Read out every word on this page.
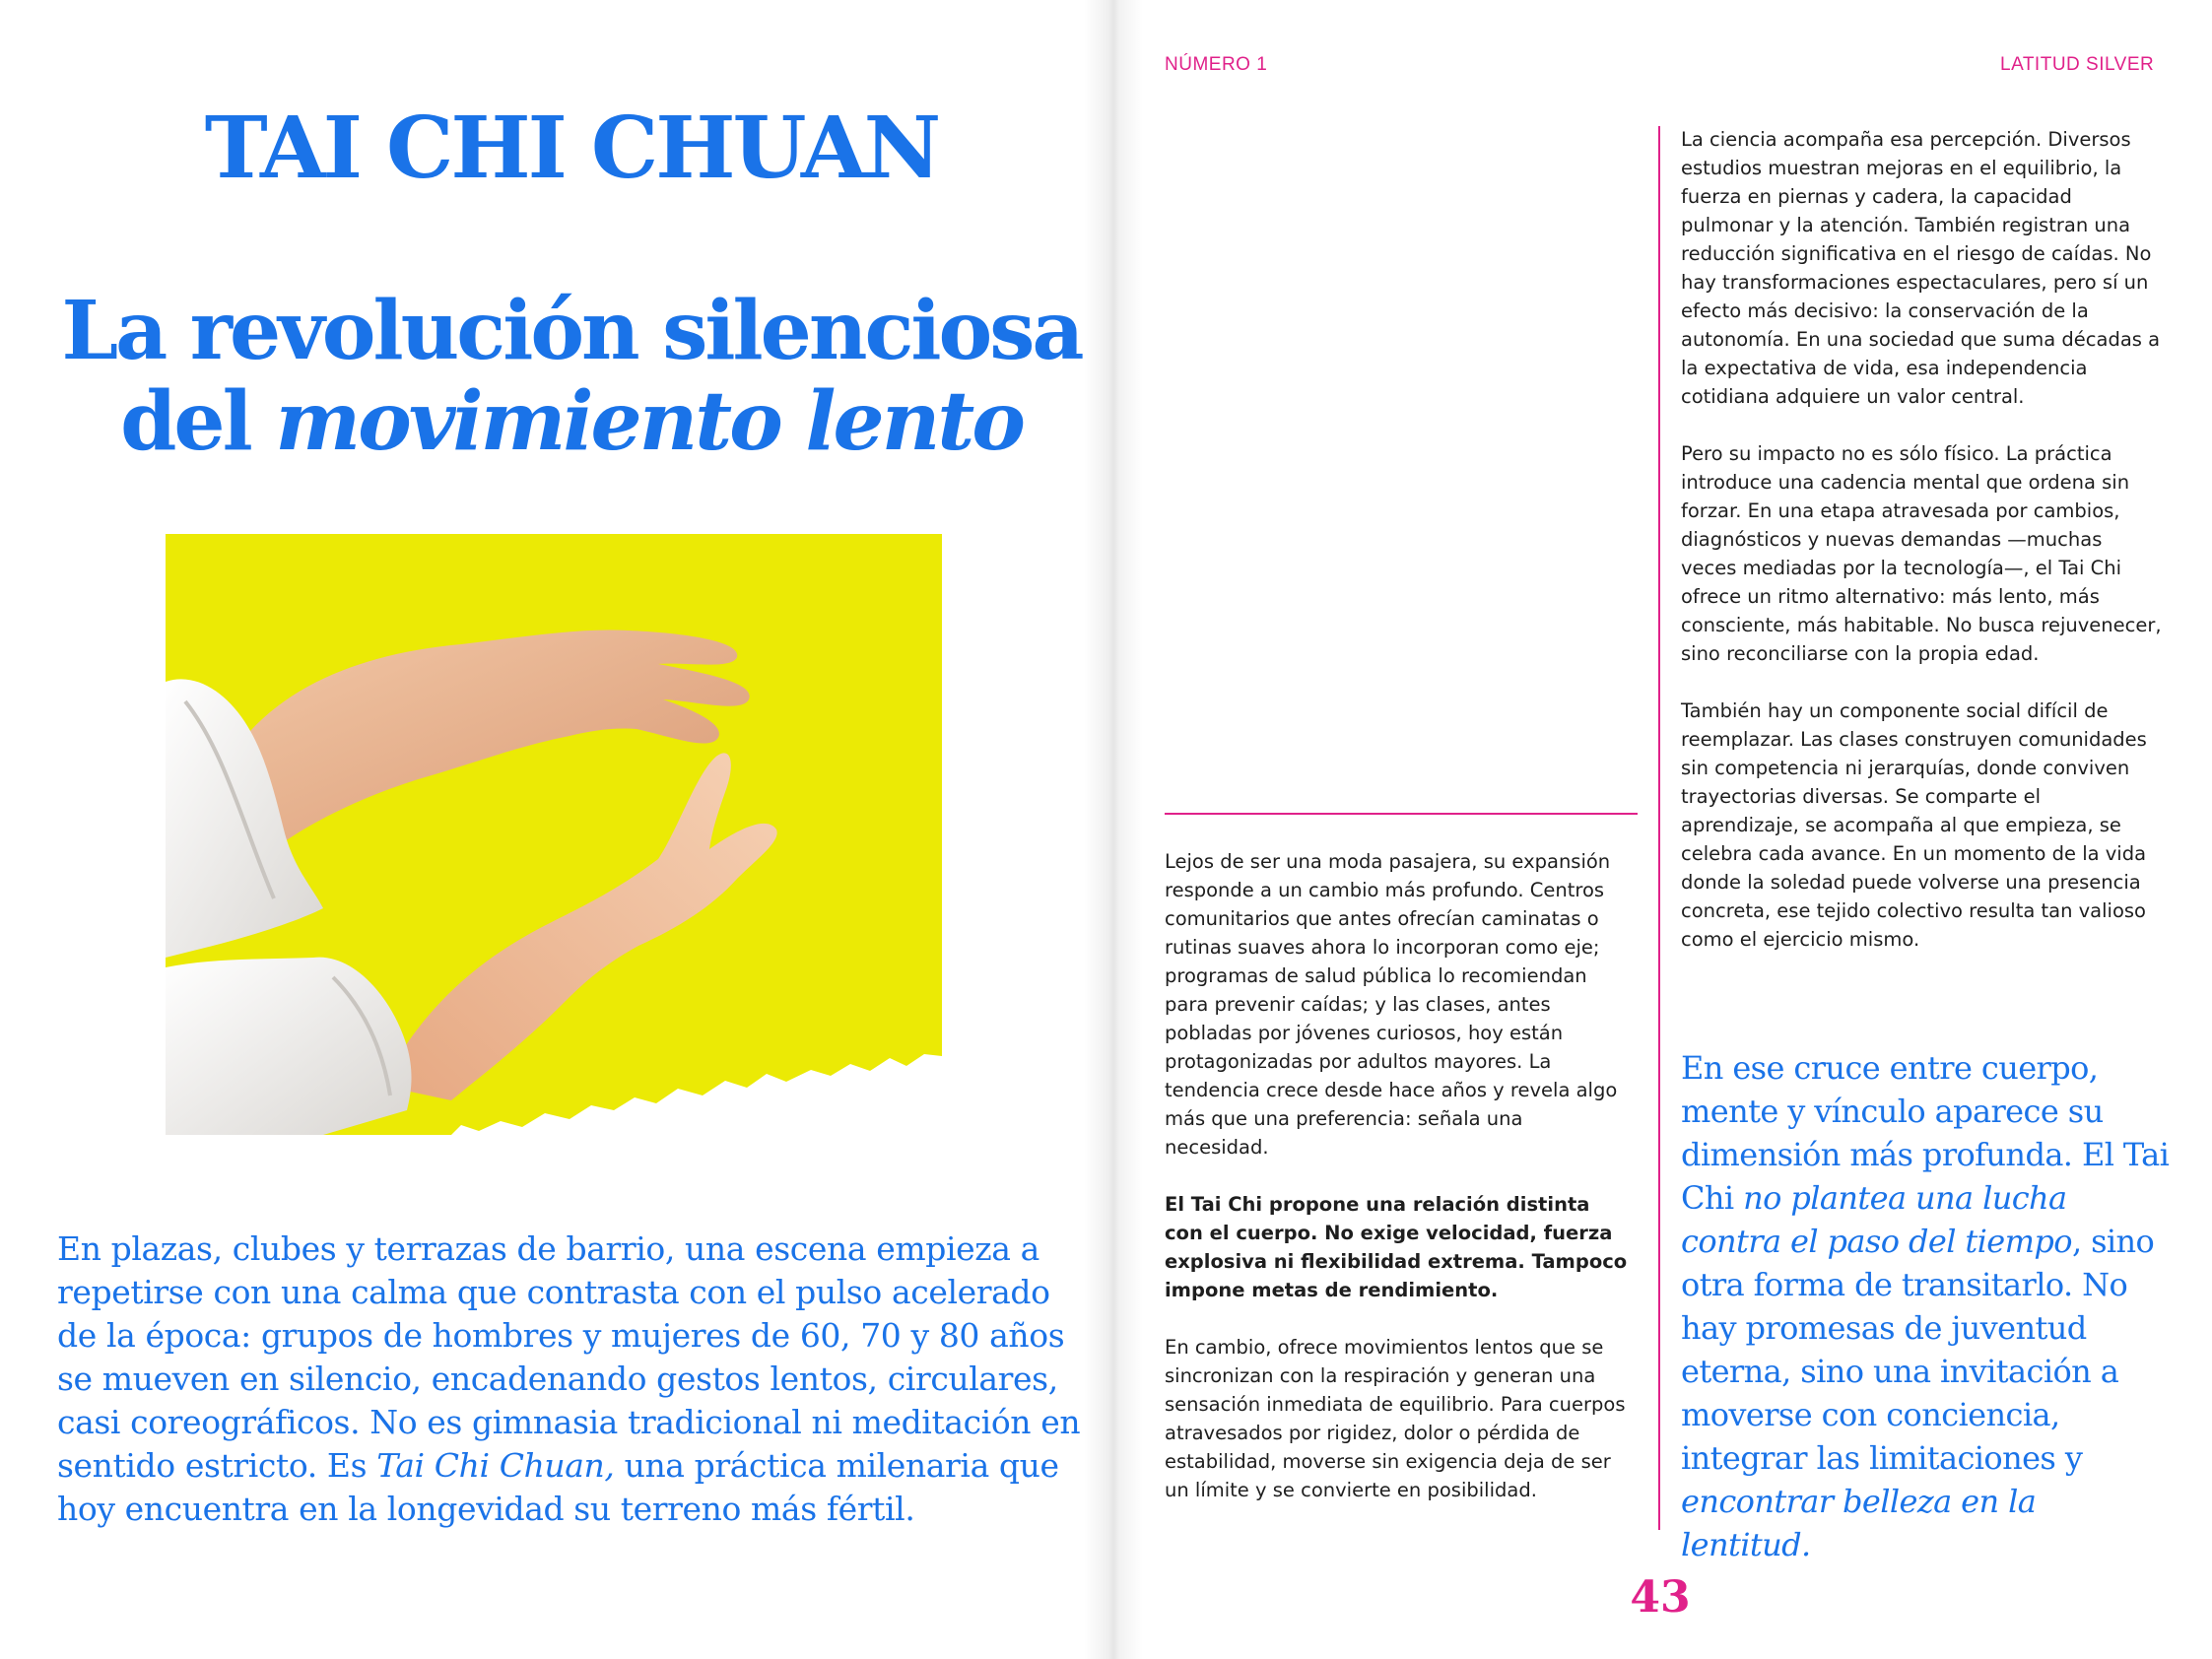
TAI CHI CHUAN
La revolución silenciosa
del movimiento lento

En plazas, clubes y terrazas de barrio, una escena empieza a repetirse con una calma que contrasta con el pulso acelerado de la época: grupos de hombres y mujeres de 60, 70 y 80 años se mueven en silencio, encadenando gestos lentos, circulares, casi coreográficos. No es gimnasia tradicional ni meditación en sentido estricto. Es Tai Chi Chuan, una práctica milenaria que hoy encuentra en la longevidad su terreno más fértil.

NÚMERO 1	LATITUD SILVER

Lejos de ser una moda pasajera, su expansión responde a un cambio más profundo. Centros comunitarios que antes ofrecían caminatas o rutinas suaves ahora lo incorporan como eje; programas de salud pública lo recomiendan para prevenir caídas; y las clases, antes pobladas por jóvenes curiosos, hoy están protagonizadas por adultos mayores. La tendencia crece desde hace años y revela algo más que una preferencia: señala una necesidad.

El Tai Chi propone una relación distinta con el cuerpo. No exige velocidad, fuerza explosiva ni flexibilidad extrema. Tampoco impone metas de rendimiento.

En cambio, ofrece movimientos lentos que se sincronizan con la respiración y generan una sensación inmediata de equilibrio. Para cuerpos atravesados por rigidez, dolor o pérdida de estabilidad, moverse sin exigencia deja de ser un límite y se convierte en posibilidad.

La ciencia acompaña esa percepción. Diversos estudios muestran mejoras en el equilibrio, la fuerza en piernas y cadera, la capacidad pulmonar y la atención. También registran una reducción significativa en el riesgo de caídas. No hay transformaciones espectaculares, pero sí un efecto más decisivo: la conservación de la autonomía. En una sociedad que suma décadas a la expectativa de vida, esa independencia cotidiana adquiere un valor central.

Pero su impacto no es sólo físico. La práctica introduce una cadencia mental que ordena sin forzar. En una etapa atravesada por cambios, diagnósticos y nuevas demandas —muchas veces mediadas por la tecnología—, el Tai Chi ofrece un ritmo alternativo: más lento, más consciente, más habitable. No busca rejuvenecer, sino reconciliarse con la propia edad.

También hay un componente social difícil de reemplazar. Las clases construyen comunidades sin competencia ni jerarquías, donde conviven trayectorias diversas. Se comparte el aprendizaje, se acompaña al que empieza, se celebra cada avance. En un momento de la vida donde la soledad puede volverse una presencia concreta, ese tejido colectivo resulta tan valioso como el ejercicio mismo.

En ese cruce entre cuerpo, mente y vínculo aparece su dimensión más profunda. El Tai Chi no plantea una lucha contra el paso del tiempo, sino otra forma de transitarlo. No hay promesas de juventud eterna, sino una invitación a moverse con conciencia, integrar las limitaciones y encontrar belleza en la lentitud.

43
